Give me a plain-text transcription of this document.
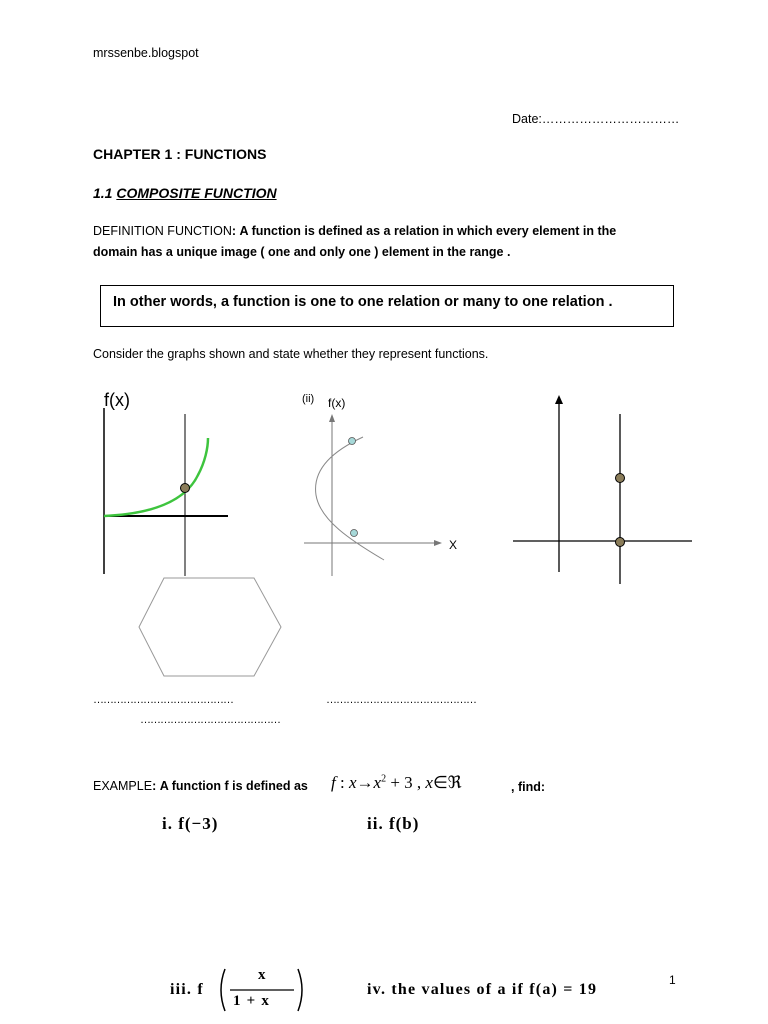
mrssenbe.blogspot
Date:……………………………
CHAPTER 1 : FUNCTIONS
1.1 COMPOSITE FUNCTION
DEFINITION FUNCTION: A function is defined as a relation in which every element in the
domain has a unique image ( one and only one ) element in the range .
In other words, a function is one to one relation or many to one relation .
Consider the graphs shown and state whether they represent functions.
f(x)	(ii) f(x)
X
……………………………………	………………………………………
……………………………………
EXAMPLE: A function f is defined as f : $x\to x^2 + 3$ , x∈ℜ	, find:
i. f(−3)	ii. f(b)
iii. f
x
1 + x
iv. the values of a if f(a) = 19
1
